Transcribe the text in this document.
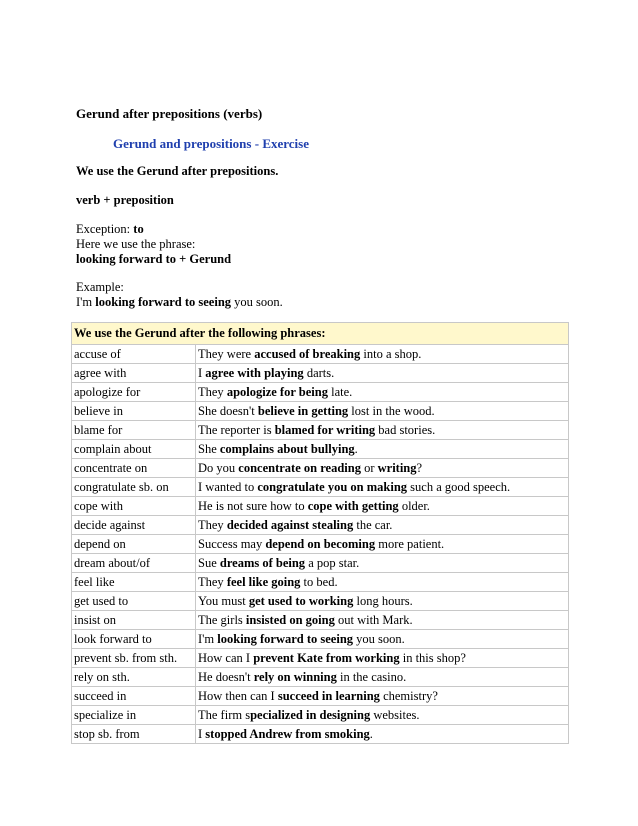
Gerund after prepositions (verbs)
Gerund and prepositions - Exercise
We use the Gerund after prepositions.
verb + preposition
Exception: to
Here we use the phrase:
looking forward to + Gerund
Example:
I'm looking forward to seeing you soon.
We use the Gerund after the following phrases:	
accuse of	They were accused of breaking into a shop.
agree with	I agree with playing darts.
apologize for	They apologize for being late.
believe in	She doesn't believe in getting lost in the wood.
blame for	The reporter is blamed for writing bad stories.
complain about	She complains about bullying.
concentrate on	Do you concentrate on reading or writing?
congratulate sb. on	I wanted to congratulate you on making such a good speech.
cope with	He is not sure how to cope with getting older.
decide against	They decided against stealing the car.
depend on	Success may depend on becoming more patient.
dream about/of	Sue dreams of being a pop star.
feel like	They feel like going to bed.
get used to	You must get used to working long hours.
insist on	The girls insisted on going out with Mark.
look forward to	I'm looking forward to seeing you soon.
prevent sb. from sth.	How can I prevent Kate from working in this shop?
rely on sth.	He doesn't rely on winning in the casino.
succeed in	How then can I succeed in learning chemistry?
specialize in	The firm specialized in designing websites.
stop sb. from	I stopped Andrew from smoking.
